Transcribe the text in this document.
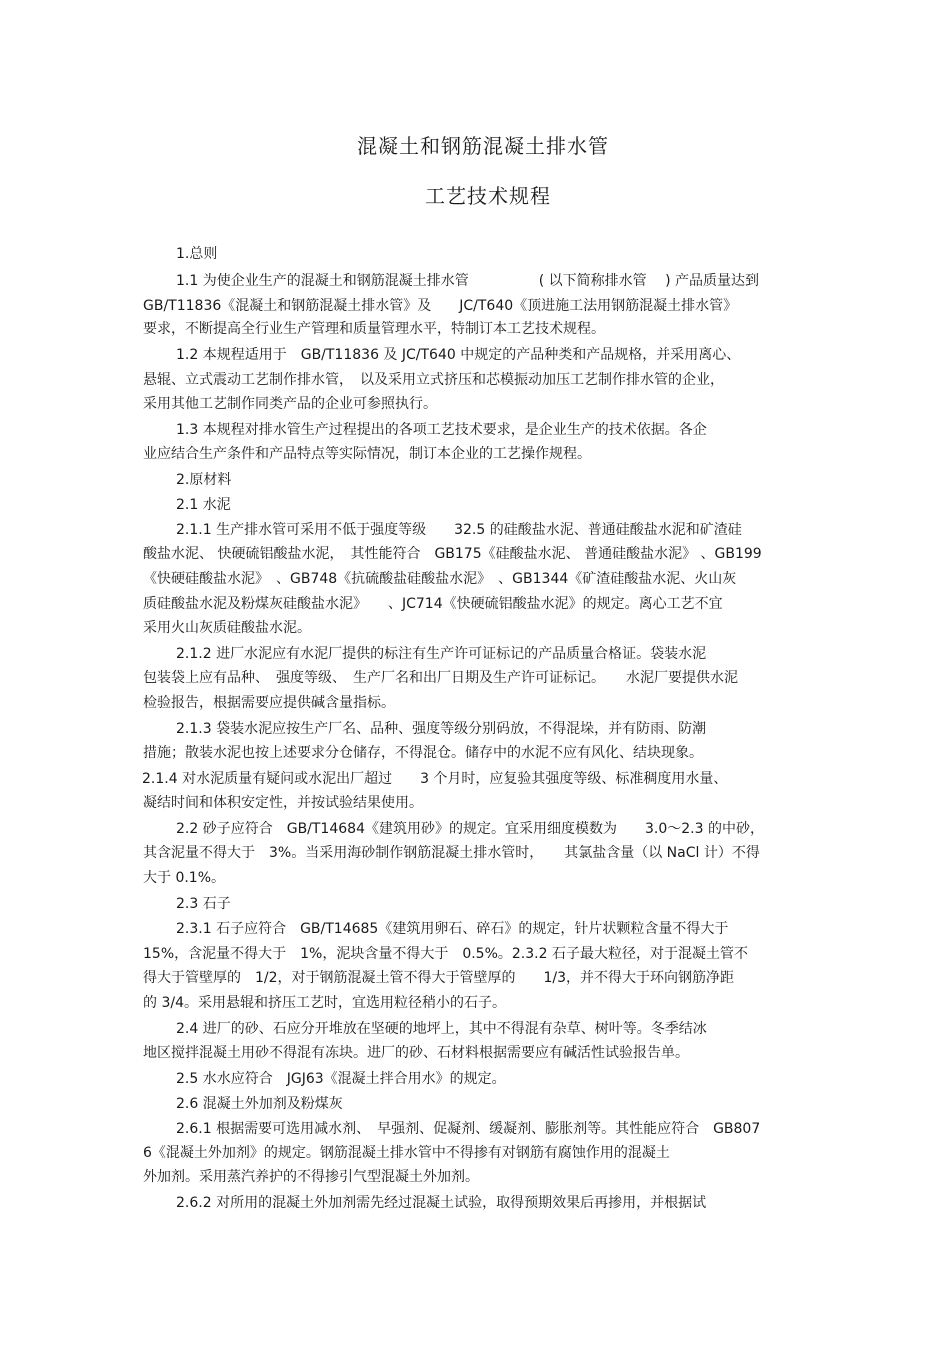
混凝土和钢筋混凝土排水管
工艺技术规程
1.总则
1.1 为使企业生产的混凝土和钢筋混凝土排水管　　　　　( 以下简称排水管　 ) 产品质量达到
GB/T11836《混凝土和钢筋混凝土排水管》及　　JC/T640《顶进施工法用钢筋混凝土排水管》
要求，不断提高全行业生产管理和质量管理水平，特制订本工艺技术规程。
1.2 本规程适用于　GB/T11836 及 JC/T640 中规定的产品种类和产品规格，并采用离心、
悬辊、立式震动工艺制作排水管，　以及采用立式挤压和芯模振动加压工艺制作排水管的企业，
采用其他工艺制作同类产品的企业可参照执行。
1.3 本规程对排水管生产过程提出的各项工艺技术要求，是企业生产的技术依据。各企
业应结合生产条件和产品特点等实际情况，制订本企业的工艺操作规程。
2.原材料
2.1 水泥
2.1.1 生产排水管可采用不低于强度等级　　32.5 的硅酸盐水泥、普通硅酸盐水泥和矿渣硅
酸盐水泥、 快硬硫铝酸盐水泥，　其性能符合　GB175《硅酸盐水泥、 普通硅酸盐水泥》 、GB199
《快硬硅酸盐水泥》　、GB748《抗硫酸盐硅酸盐水泥》　、GB1344《矿渣硅酸盐水泥、火山灰
质硅酸盐水泥及粉煤灰硅酸盐水泥》　　、JC714《快硬硫铝酸盐水泥》的规定。离心工艺不宜
采用火山灰质硅酸盐水泥。
2.1.2 进厂水泥应有水泥厂提供的标注有生产许可证标记的产品质量合格证。袋装水泥
包装袋上应有品种、　强度等级、　生产厂名和出厂日期及生产许可证标记。　　水泥厂要提供水泥
检验报告，根据需要应提供碱含量指标。
2.1.3 袋装水泥应按生产厂名、品种、强度等级分别码放，不得混垛，并有防雨、防潮
措施；散装水泥也按上述要求分仓储存，不得混仓。储存中的水泥不应有风化、结块现象。
2.1.4 对水泥质量有疑问或水泥出厂超过　　3 个月时，应复验其强度等级、标准稠度用水量、
凝结时间和体积安定性，并按试验结果使用。
2.2 砂子应符合　GB/T14684《建筑用砂》的规定。宜采用细度模数为　　3.0～2.3 的中砂，
其含泥量不得大于　3%。当采用海砂制作钢筋混凝土排水管时，　　其氯盐含量（以 NaCl 计）不得
大于 0.1%。
2.3 石子
2.3.1 石子应符合　GB/T14685《建筑用卵石、碎石》的规定，针片状颗粒含量不得大于
15%，含泥量不得大于　1%，泥块含量不得大于　0.5%。2.3.2 石子最大粒径，对于混凝土管不
得大于管壁厚的　1/2，对于钢筋混凝土管不得大于管壁厚的　　1/3，并不得大于环向钢筋净距
的 3/4。采用悬辊和挤压工艺时，宜选用粒径稍小的石子。
2.4 进厂的砂、石应分开堆放在坚硬的地坪上，其中不得混有杂草、树叶等。冬季结冰
地区搅拌混凝土用砂不得混有冻块。进厂的砂、石材料根据需要应有碱活性试验报告单。
2.5 水水应符合　JGJ63《混凝土拌合用水》的规定。
2.6 混凝土外加剂及粉煤灰
2.6.1 根据需要可选用减水剂、　早强剂、促凝剂、缓凝剂、膨胀剂等。其性能应符合　GB807
6《混凝土外加剂》的规定。钢筋混凝土排水管中不得掺有对钢筋有腐蚀作用的混凝土
外加剂。采用蒸汽养护的不得掺引气型混凝土外加剂。
2.6.2 对所用的混凝土外加剂需先经过混凝土试验，取得预期效果后再掺用，并根据试
